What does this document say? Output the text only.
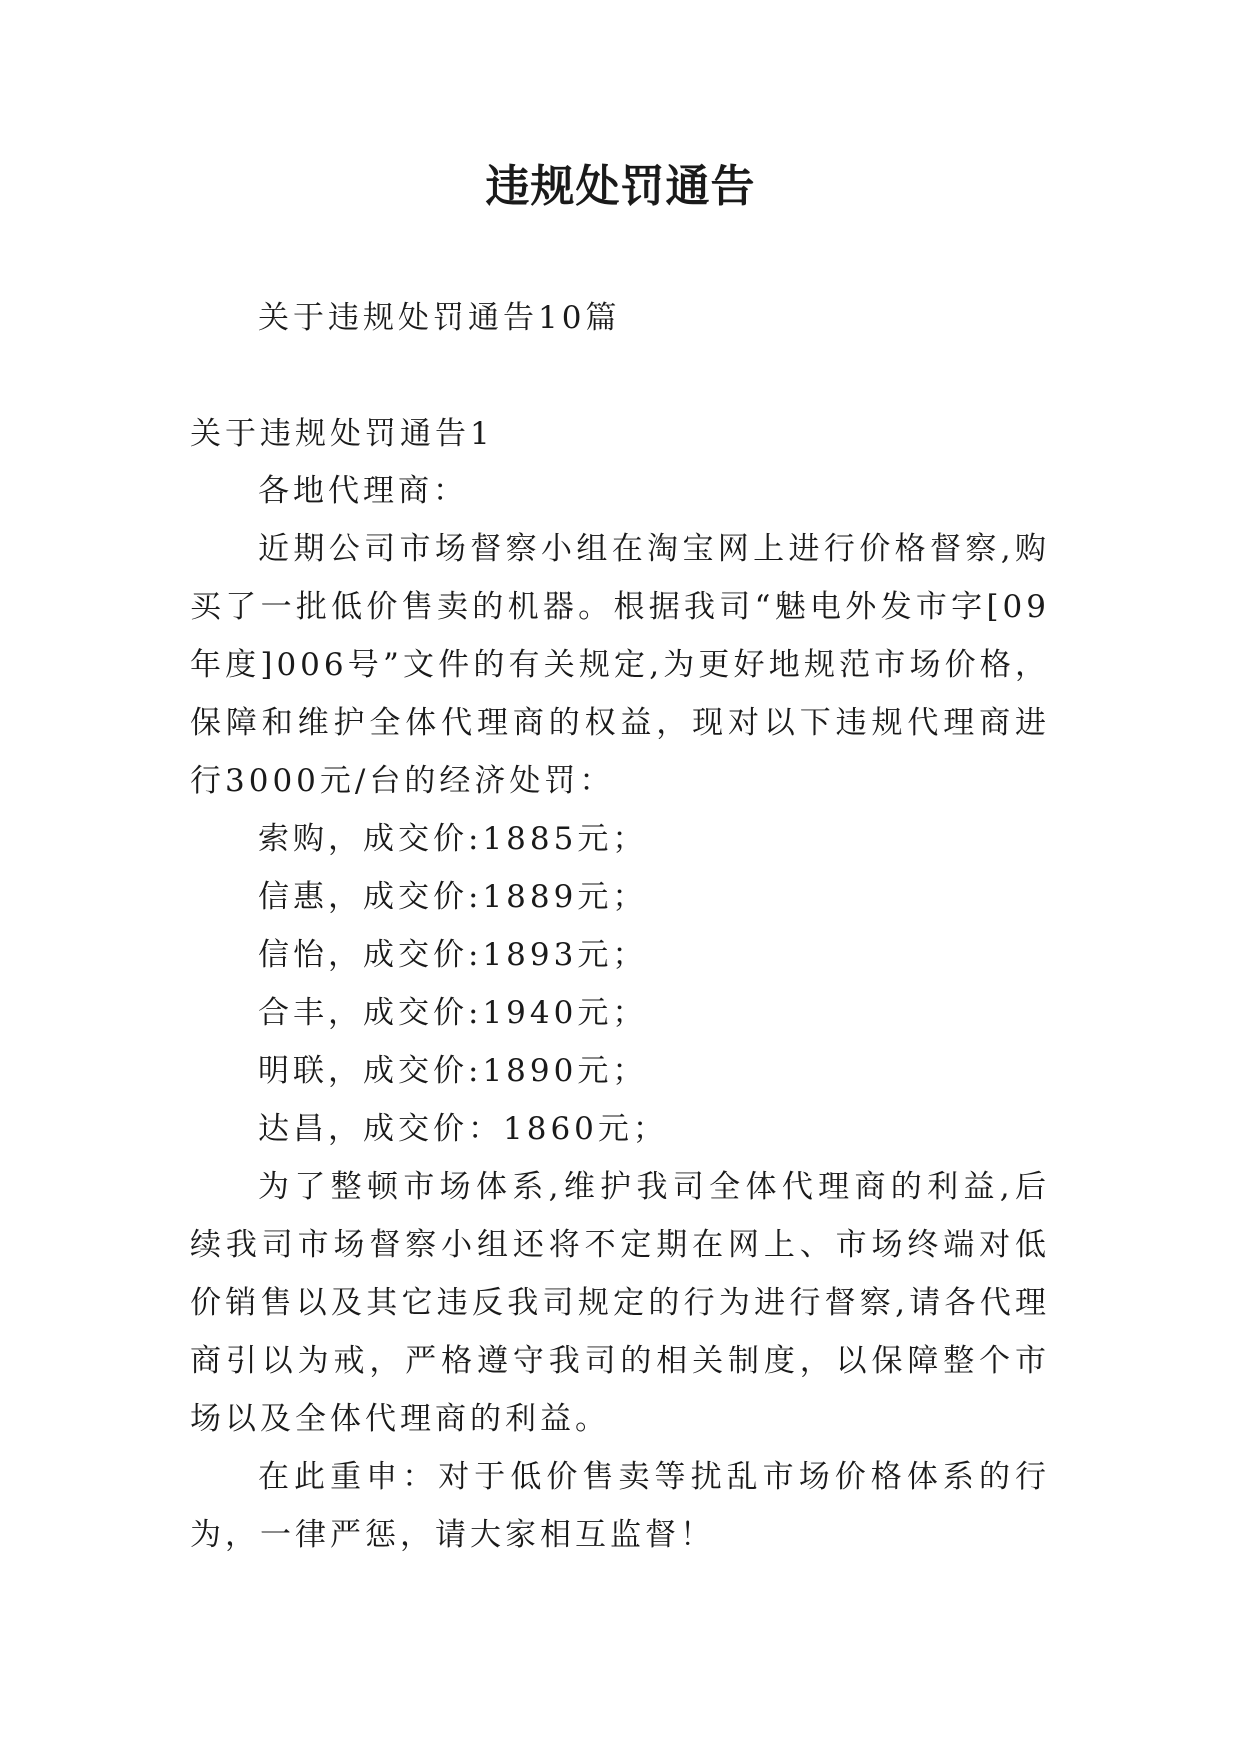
违规处罚通告
关于违规处罚通告10篇
关于违规处罚通告1

各地代理商：

近期公司市场督察小组在淘宝网上进行价格督察,购买了一批低价售卖的机器。根据我司“魅电外发市字[09年度]006号”文件的有关规定,为更好地规范市场价格，保障和维护全体代理商的权益，现对以下违规代理商进行3000元/台的经济处罚：

索购，成交价:1885元；

信惠，成交价:1889元；

信怡，成交价:1893元；

合丰，成交价:1940元；

明联，成交价:1890元；

达昌，成交价：1860元；

为了整顿市场体系,维护我司全体代理商的利益,后续我司市场督察小组还将不定期在网上、市场终端对低价销售以及其它违反我司规定的行为进行督察,请各代理商引以为戒，严格遵守我司的相关制度，以保障整个市场以及全体代理商的利益。

在此重申：对于低价售卖等扰乱市场价格体系的行为，一律严惩，请大家相互监督！
